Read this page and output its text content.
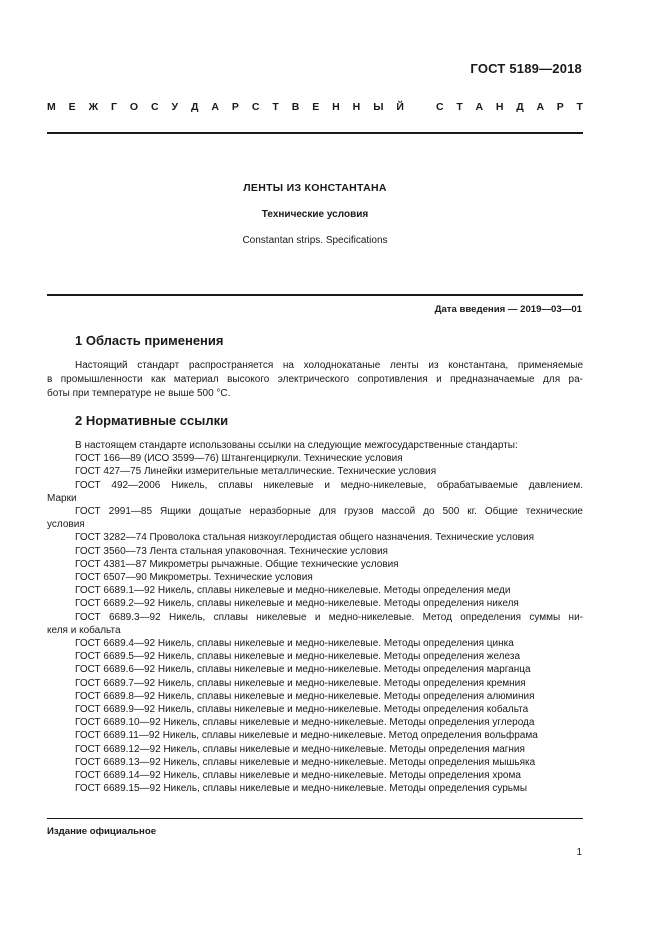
ГОСТ 5189—2018
М Е Ж Г О С У Д А Р С Т В Е Н Н Ы Й	С Т А Н Д А Р Т
ЛЕНТЫ ИЗ КОНСТАНТАНА
Технические условия
Constantan strips. Specifications
Дата введения — 2019—03—01
1 Область применения
Настоящий стандарт распространяется на холоднокатаные ленты из константана, применяемые
в промышленности как материал высокого электрического сопротивления и предназначаемые для ра-
боты при температуре не выше 500 °С.
2 Нормативные ссылки
В настоящем стандарте использованы ссылки на следующие межгосударственные стандарты:
ГОСТ 166—89 (ИСО 3599—76) Штангенциркули. Технические условия
ГОСТ 427—75 Линейки измерительные металлические. Технические условия
ГОСТ 492—2006 Никель, сплавы никелевые и медно-никелевые, обрабатываемые давлением.
Марки
ГОСТ 2991—85 Ящики дощатые неразборные для грузов массой до 500 кг. Общие технические
условия
ГОСТ 3282—74 Проволока стальная низкоуглеродистая общего назначения. Технические условия
ГОСТ 3560—73 Лента стальная упаковочная. Технические условия
ГОСТ 4381—87 Микрометры рычажные. Общие технические условия
ГОСТ 6507—90 Микрометры. Технические условия
ГОСТ 6689.1—92 Никель, сплавы никелевые и медно-никелевые. Методы определения меди
ГОСТ 6689.2—92 Никель, сплавы никелевые и медно-никелевые. Методы определения никеля
ГОСТ 6689.3—92 Никель, сплавы никелевые и медно-никелевые. Метод определения суммы ни-
келя и кобальта
ГОСТ 6689.4—92 Никель, сплавы никелевые и медно-никелевые. Методы определения цинка
ГОСТ 6689.5—92 Никель, сплавы никелевые и медно-никелевые. Методы определения железа
ГОСТ 6689.6—92 Никель, сплавы никелевые и медно-никелевые. Методы определения марганца
ГОСТ 6689.7—92 Никель, сплавы никелевые и медно-никелевые. Методы определения кремния
ГОСТ 6689.8—92 Никель, сплавы никелевые и медно-никелевые. Методы определения алюминия
ГОСТ 6689.9—92 Никель, сплавы никелевые и медно-никелевые. Методы определения кобальта
ГОСТ 6689.10—92 Никель, сплавы никелевые и медно-никелевые. Методы определения углерода
ГОСТ 6689.11—92 Никель, сплавы никелевые и медно-никелевые. Метод определения вольфрама
ГОСТ 6689.12—92 Никель, сплавы никелевые и медно-никелевые. Методы определения магния
ГОСТ 6689.13—92 Никель, сплавы никелевые и медно-никелевые. Методы определения мышьяка
ГОСТ 6689.14—92 Никель, сплавы никелевые и медно-никелевые. Методы определения хрома
ГОСТ 6689.15—92 Никель, сплавы никелевые и медно-никелевые. Методы определения сурьмы
Издание официальное
1
